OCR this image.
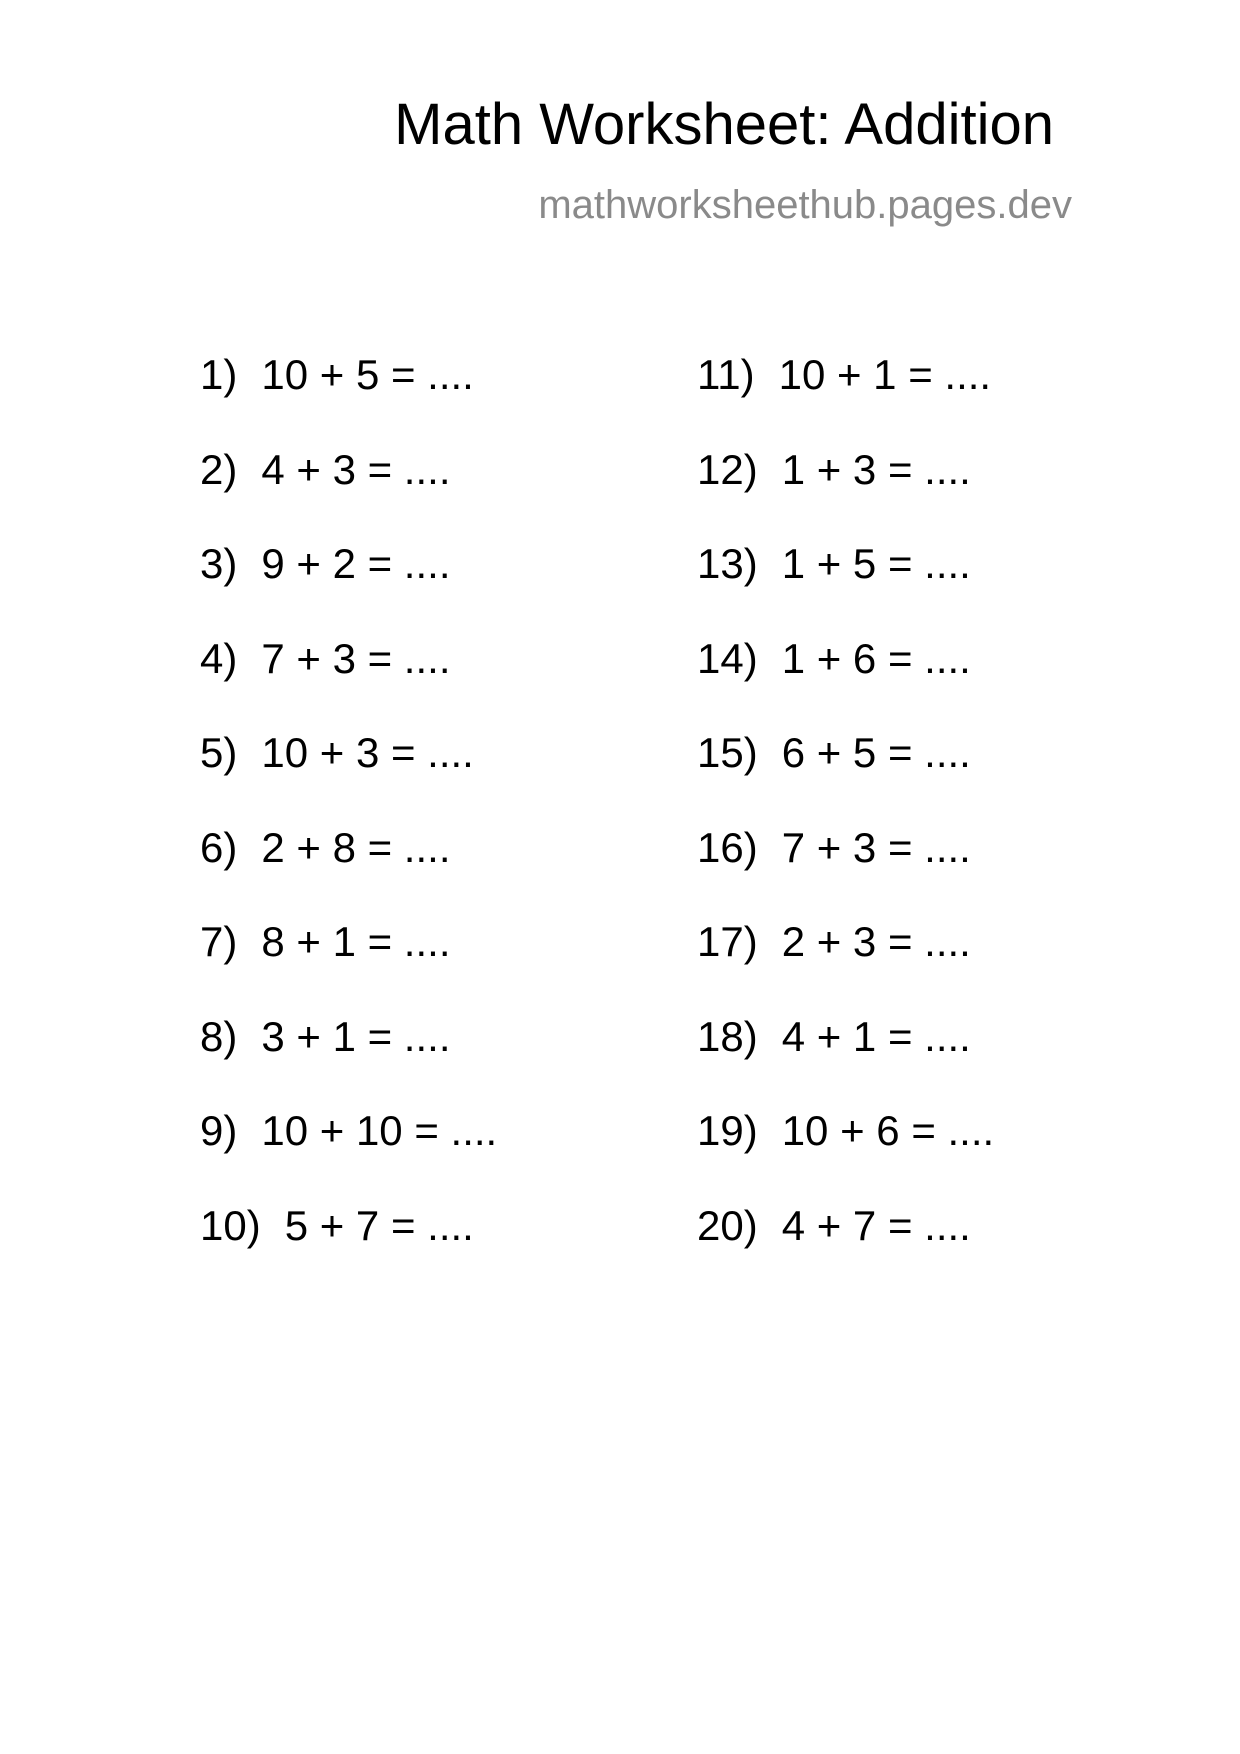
Math Worksheet: Addition
mathworksheethub.pages.dev
1) 10 + 5 = ....
2) 4 + 3 = ....
3) 9 + 2 = ....
4) 7 + 3 = ....
5) 10 + 3 = ....
6) 2 + 8 = ....
7) 8 + 1 = ....
8) 3 + 1 = ....
9) 10 + 10 = ....
10) 5 + 7 = ....
11) 10 + 1 = ....
12) 1 + 3 = ....
13) 1 + 5 = ....
14) 1 + 6 = ....
15) 6 + 5 = ....
16) 7 + 3 = ....
17) 2 + 3 = ....
18) 4 + 1 = ....
19) 10 + 6 = ....
20) 4 + 7 = ....
